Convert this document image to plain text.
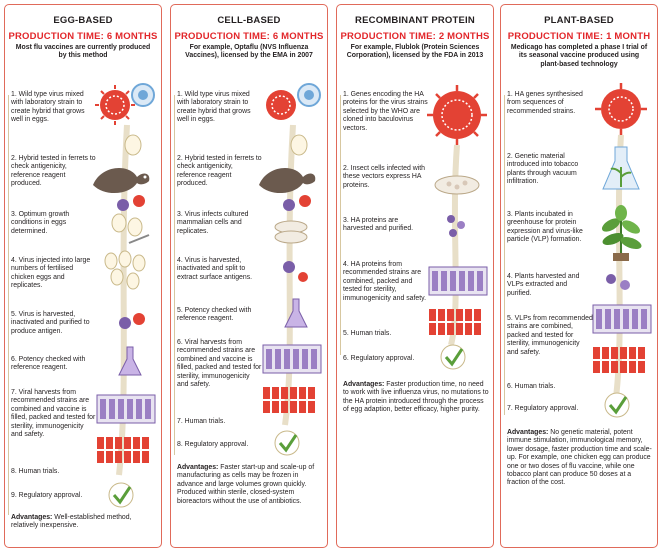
EGG-BASED
PRODUCTION TIME: 6 MONTHS
Most flu vaccines are currently produced by this method
1. Wild type virus mixed with laboratory strain to create hybrid that grows well in eggs.
2. Hybrid tested in ferrets to check antigenicity, reference reagent produced.
3. Optimum growth conditions in eggs determined.
4. Virus injected into large numbers of fertilised chicken eggs and replicates.
5. Virus is harvested, inactivated and purified to produce antigen.
6. Potency checked with reference reagent.
7. Viral harvests from recommended strains are combined and vaccine is filled, packed and tested for sterility, immunogenicity and safety.
8. Human trials.
9. Regulatory approval.
Advantages: Well-established method, relatively inexpensive.
CELL-BASED
PRODUCTION TIME: 6 MONTHS
For example, Optaflu (NVS Influenza Vaccines), licensed by the EMA in 2007
1. Wild type virus mixed with laboratory strain to create hybrid that grows well in eggs.
2. Hybrid tested in ferrets to check antigenicity, reference reagent produced.
3. Virus infects cultured mammalian cells and replicates.
4. Virus is harvested, inactivated and split to extract surface antigens.
5. Potency checked with reference reagent.
6. Viral harvests from recommended strains are combined and vaccine is filled, packed and tested for sterility, immunogenicity and safety.
7. Human trials.
8. Regulatory approval.
Advantages: Faster start-up and scale-up of manufacturing as cells may be frozen in advance and large volumes grown quickly. Produced within sterile, closed-system bioreactors without the use of antibiotics.
RECOMBINANT PROTEIN
PRODUCTION TIME: 2 MONTHS
For example, Flublok (Protein Sciences Corporation), licensed by the FDA in 2013
1. Genes encoding the HA proteins for the virus strains selected by the WHO are cloned into baculovirus vectors.
2. Insect cells infected with these vectors express HA proteins.
3. HA proteins are harvested and purified.
4. HA proteins from recommended strains are combined, packed and tested for sterility, immunogenicity and safety.
5. Human trials.
6. Regulatory approval.
Advantages: Faster production time, no need to work with live influenza virus, no mutations to the HA protein introduced through the process of egg adaption, better efficacy, higher purity.
PLANT-BASED
PRODUCTION TIME: 1 MONTH
Medicago has completed a phase I trial of its seasonal vaccine produced using plant-based technology
1. HA genes synthesised from sequences of recommended strains.
2. Genetic material introduced into tobacco plants through vacuum infiltration.
3. Plants incubated in greenhouse for protein expression and virus-like particle (VLP) formation.
4. Plants harvested and VLPs extracted and purified.
5. VLPs from recommended strains are combined, packed and tested for sterility, immunogenicity and safety.
6. Human trials.
7. Regulatory approval.
Advantages: No genetic material, potent immune stimulation, immunological memory, lower dosage, faster production time and scale-up. For example, one chicken egg can produce one or two doses of flu vaccine, while one tobacco plant can produce 50 doses at a fraction of the cost.
